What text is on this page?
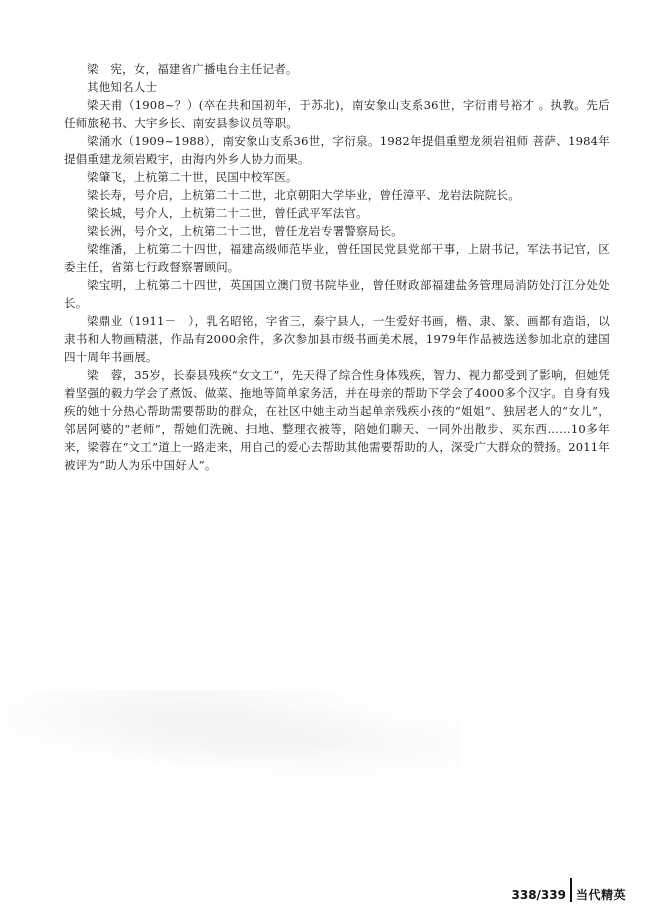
梁　宪，女，福建省广播电台主任记者。

其他知名人士

梁天甫（1908~？）(卒在共和国初年，于苏北)，南安象山支系36世，字衍甫号裕才 。执教。先后任师旅秘书、大宇乡长、南安县参议员等职。

梁涌水（1909~1988），南安象山支系36世，字衍泉。1982年提倡重塑龙须岩祖师 菩萨、1984年提倡重建龙须岩殿宇，由海内外乡人协力而果。

梁肇飞，上杭第二十世，民国中校军医。

梁长寿，号介启，上杭第二十二世，北京朝阳大学毕业，曾任漳平、龙岩法院院长。

梁长城，号介人，上杭第二十二世，曾任武平军法官。

梁长洲，号介文，上杭第二十二世，曾任龙岩专署警察局长。

梁维潘，上杭第二十四世，福建高级师范毕业，曾任国民党县党部干事，上尉书记，军法书记官，区委主任，省第七行政督察署顾问。

梁宝明，上杭第二十四世，英国国立澳门贸书院毕业，曾任财政部福建盐务管理局消防处汀江分处处长。

梁鼎业（1911－　），乳名昭铭，字省三，泰宁县人，一生爱好书画，楷、隶、篆、画都有造诣，以隶书和人物画精湛，作品有2000余件，多次参加县市级书画美术展，1979年作品被选送参加北京的建国四十周年书画展。

梁　蓉，35岁，长泰县残疾“女文工”，先天得了综合性身体残疾，智力、视力都受到了影响，但她凭着坚强的毅力学会了煮饭、做菜、拖地等简单家务活，并在母亲的帮助下学会了4000多个汉字。自身有残疾的她十分热心帮助需要帮助的群众，在社区中她主动当起单亲残疾小孩的“姐姐”、独居老人的“女儿”，邻居阿婆的“老师”，帮她们洗碗、扫地、整理衣被等，陪她们聊天、一同外出散步、买东西……10多年来，梁蓉在“文工”道上一路走来，用自己的爱心去帮助其他需要帮助的人，深受广大群众的赞扬。2011年被评为“助人为乐中国好人”。

338/339 当代精英
